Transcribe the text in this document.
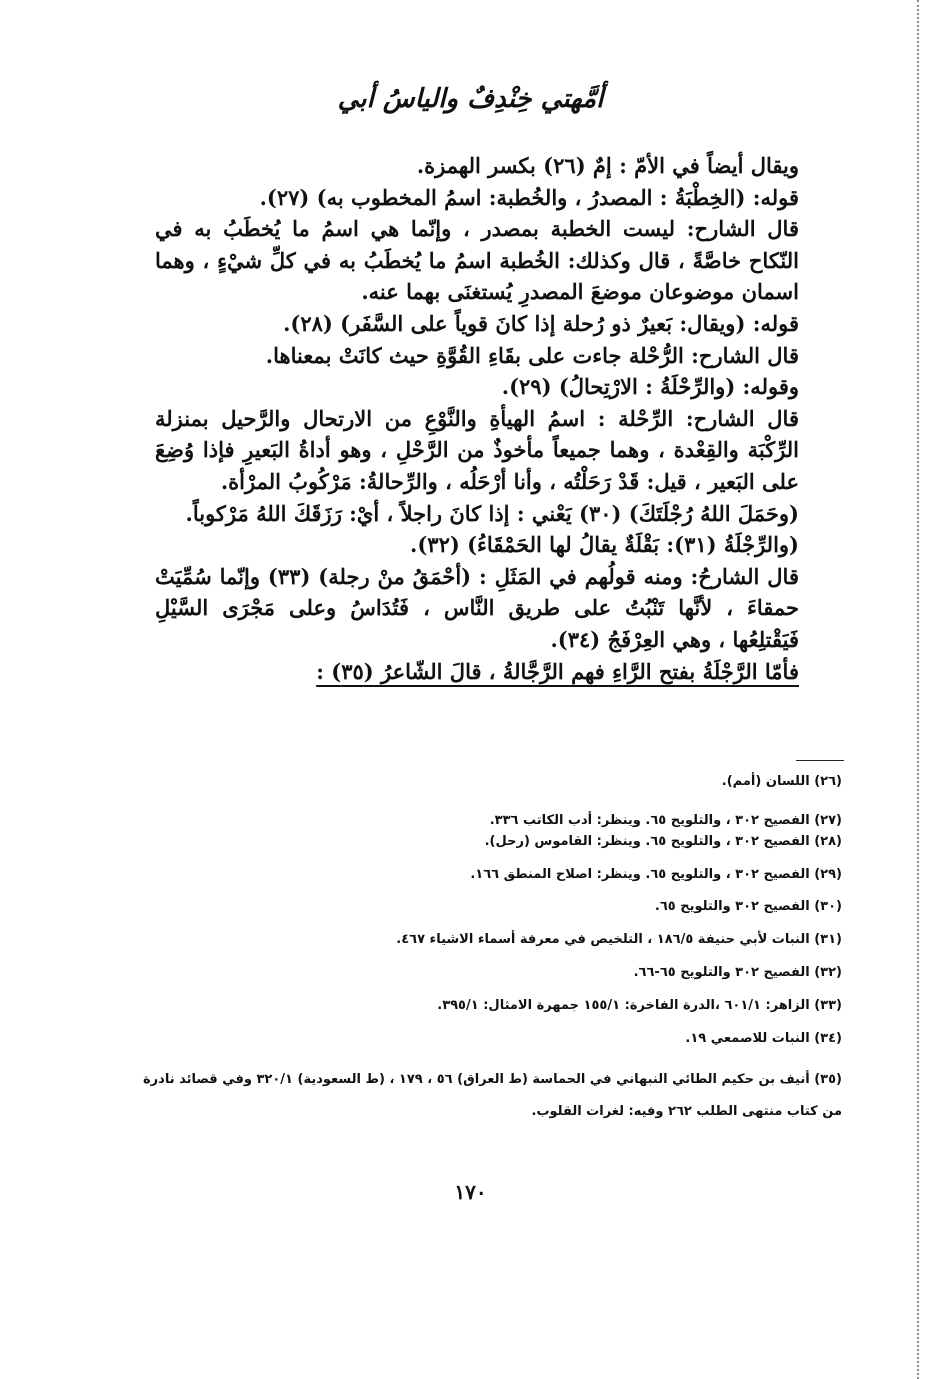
أمَّهتي خِنْدِفٌ والياسُ أبي

ويقال أيضاً في الأمّ : إمٌ (٢٦) بكسر الهمزة.

قوله: (الخِطْبَةُ : المصدرُ ، والخُطبة: اسمُ المخطوب به) (٢٧).

قال الشارح: ليست الخطبة بمصدر ، وإنّما هي اسمُ ما يُخطَبُ به في النّكاح خاصَّةً ، قال وكذلك: الخُطبة اسمُ ما يُخطَبُ به في كلِّ شيْءٍ ، وهما اسمان موضوعان موضعَ المصدرِ يُستغنَى بهما عنه.

قوله: (ويقال: بَعيرٌ ذو رُحلة إذا كانَ قوياً على السَّفَر) (٢٨).

قال الشارح: الرُّحْلة جاءت على بقَاءِ القُوَّةِ حيث كانَتْ بمعناها.

وقوله: (والرِّحْلَةُ : الارْتِحالُ) (٢٩).

قال الشارح: الرِّحْلة : اسمُ الهيأةِ والنَّوْعِ من الارتحال والرَّحيل بمنزلة الرِّكْبَة والقِعْدة ، وهما جميعاً مأخوذٌ من الرَّحْلِ ، وهو أداةُ البَعيرِ فإذا وُضِعَ على البَعير ، قيل: قَدْ رَحَلْتُه ، وأنا أرْحَلُه ، والرِّحالةُ: مَرْكُوبُ المرْأة.

(وحَمَلَ اللهُ رُجْلَتَكَ) (٣٠) يَعْني : إذا كانَ راجلاً ، أيْ: رَزَقَكَ اللهُ مَرْكوباً.

(والرِّجْلَةُ (٣١): بَقْلَةٌ يقالُ لها الحَمْقَاءُ) (٣٢).

قال الشارحُ: ومنه قولُهم في المَثَلِ : (أحْمَقُ منْ رجلة) (٣٣) وإنّما سُمِّيَتْ حمقاءَ ، لأنَّها تَنْبُتُ على طريق النَّاس ، فَتُدَاسُ وعلى مَجْرَى السَّيْلِ فَيَقْتلِعُها ، وهي العِرْفَجُ (٣٤).

فأمّا الرَّجْلَةُ بفتح الرَّاءِ فهم الرَّجَّالةُ ، قالَ الشّاعرُ (٣٥) :

(٢٦) اللسان (أمم).

(٢٧) الفصيح ٣٠٢ ، والتلويح ٦٥. وينظر: أدب الكاتب ٣٣٦.

(٢٨) الفصيح ٣٠٢ ، والتلويح ٦٥. وينظر: القاموس (رحل).

(٢٩) الفصيح ٣٠٢ ، والتلويح ٦٥. وينظر: اصلاح المنطق ١٦٦.

(٣٠) الفصيح ٣٠٢ والتلويح ٦٥.

(٣١) النبات لأبي حنيفة ١٨٦/٥ ، التلخيص في معرفة أسماء الاشياء ٤٦٧.

(٣٢) الفصيح ٣٠٢ والتلويح ٦٥-٦٦.

(٣٣) الزاهر: ٦٠١/١ ،الدرة الفاخرة: ١٥٥/١ جمهرة الامثال: ٣٩٥/١.

(٣٤) النبات للاصمعي ١٩.

(٣٥) أنيف بن حكيم الطائي النبهاني في الحماسة (ط العراق) ٥٦ ، ١٧٩ ، (ط السعودية) ٣٢٠/١ وفي قصائد نادرة من كتاب منتهى الطلب ٢٦٢ وفيه: لغرات القلوب.

١٧٠
